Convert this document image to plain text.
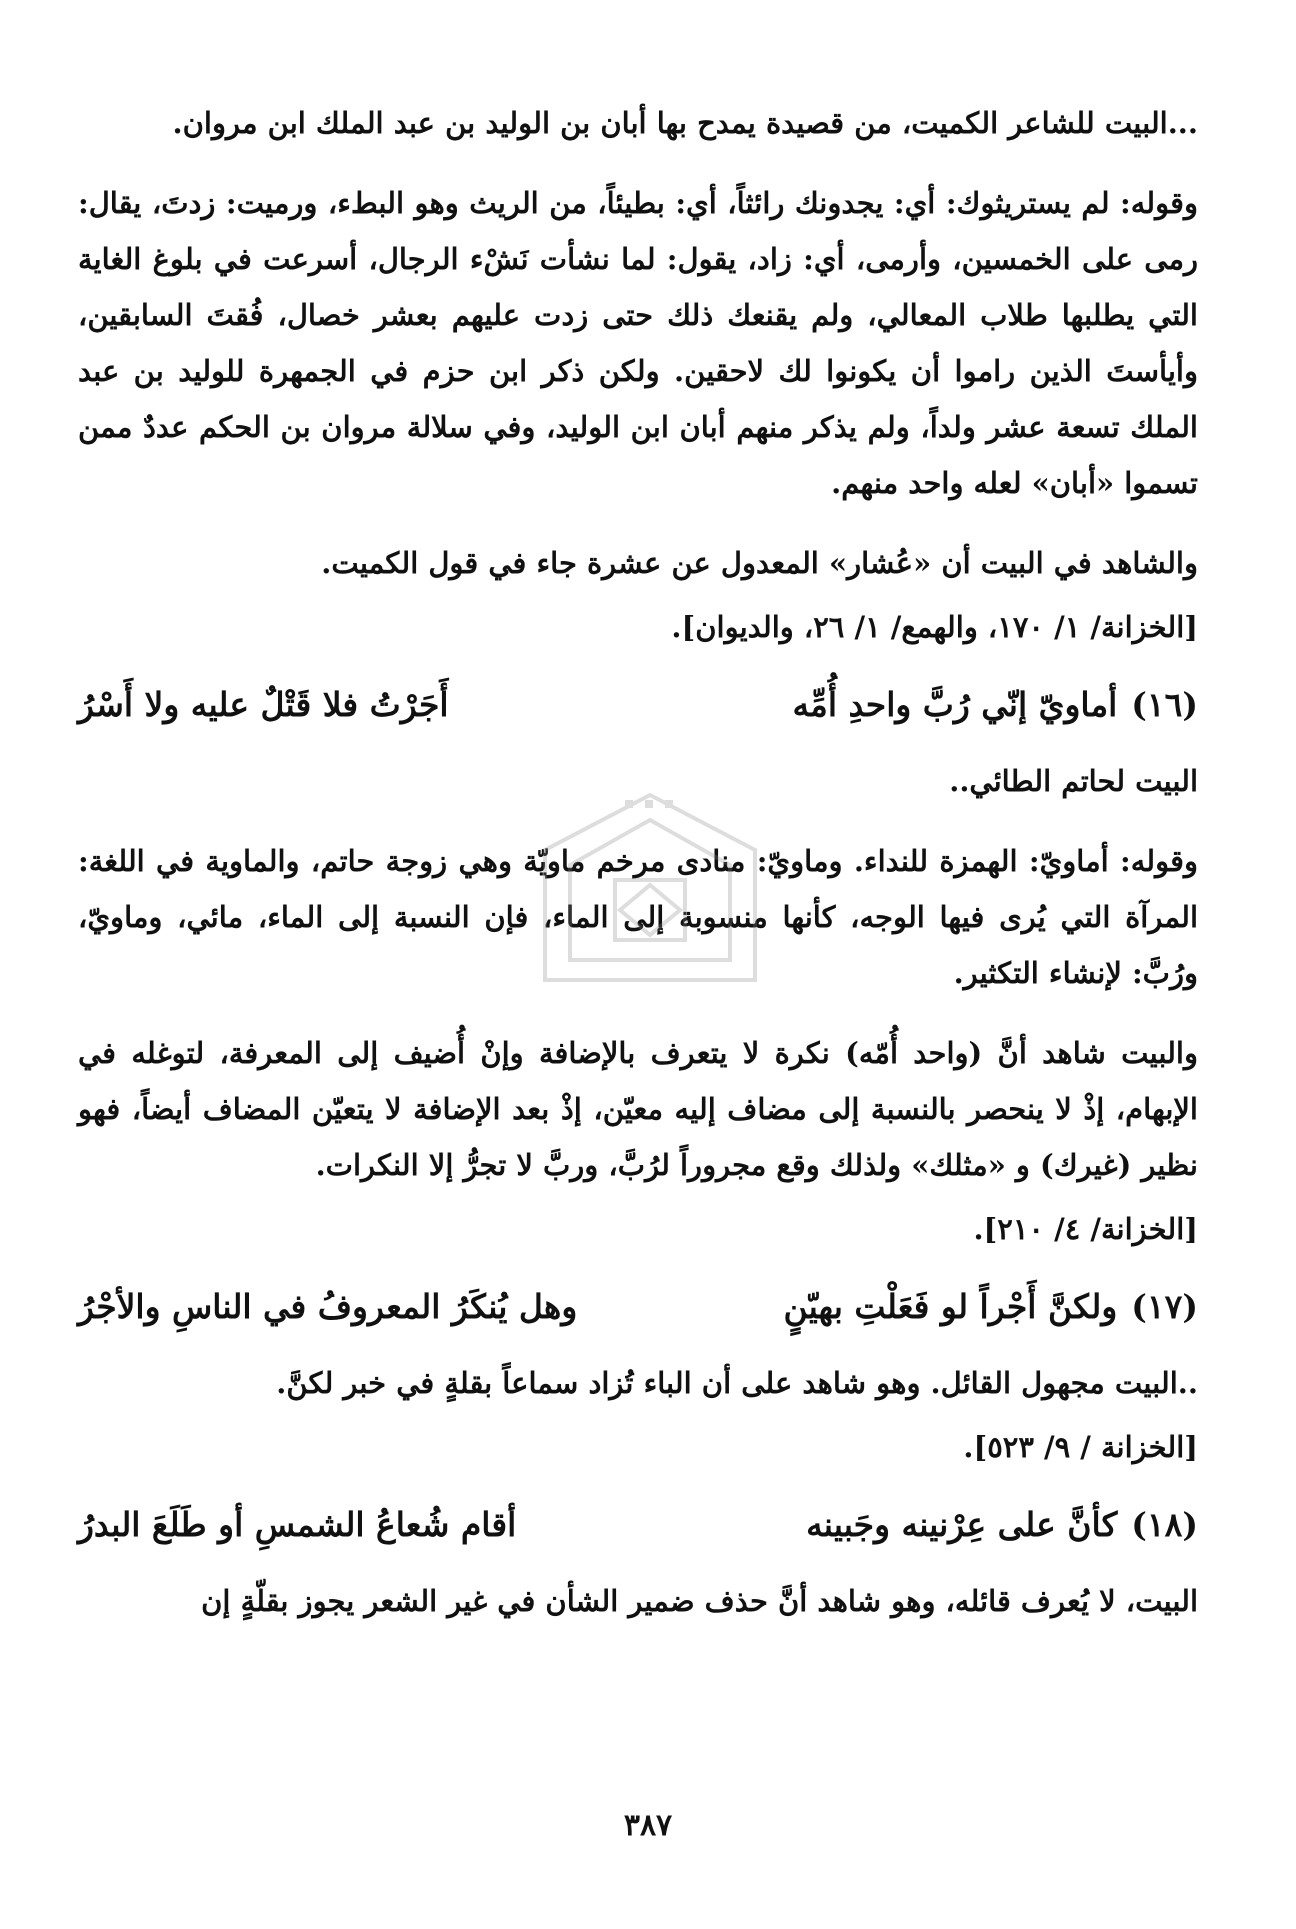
...البيت للشاعر الكميت، من قصيدة يمدح بها أبان بن الوليد بن عبد الملك ابن مروان.

وقوله: لم يستريثوك: أي: يجدونك رائثاً، أي: بطيئاً، من الريث وهو البطء، ورميت: زدتَ، يقال: رمى على الخمسين، وأرمى، أي: زاد، يقول: لما نشأت نَشْء الرجال، أسرعت في بلوغ الغاية التي يطلبها طلاب المعالي، ولم يقنعك ذلك حتى زدت عليهم بعشر خصال، فُقتَ السابقين، وأيأستَ الذين راموا أن يكونوا لك لاحقين. ولكن ذكر ابن حزم في الجمهرة للوليد بن عبد الملك تسعة عشر ولداً، ولم يذكر منهم أبان ابن الوليد، وفي سلالة مروان بن الحكم عددٌ ممن تسموا «أبان» لعله واحد منهم.

والشاهد في البيت أن «عُشار» المعدول عن عشرة جاء في قول الكميت.

[الخزانة/ ١/ ١٧٠، والهمع/ ١/ ٢٦، والديوان].

(١٦)
أماويّ إنّي رُبَّ واحدِ أُمِّه
أَجَرْتُ فلا قَتْلٌ عليه ولا أَسْرُ

البيت لحاتم الطائي..

وقوله: أماويّ: الهمزة للنداء. وماويّ: منادى مرخم ماويّة وهي زوجة حاتم، والماوية في اللغة: المرآة التي يُرى فيها الوجه، كأنها منسوبة إلى الماء، فإن النسبة إلى الماء، مائي، وماويّ، ورُبَّ: لإنشاء التكثير.

والبيت شاهد أنَّ (واحد أُمّه) نكرة لا يتعرف بالإضافة وإنْ أُضيف إلى المعرفة، لتوغله في الإبهام، إذْ لا ينحصر بالنسبة إلى مضاف إليه معيّن، إذْ بعد الإضافة لا يتعيّن المضاف أيضاً، فهو نظير (غيرك) و «مثلك» ولذلك وقع مجروراً لرُبَّ، وربَّ لا تجرُّ إلا النكرات.

[الخزانة/ ٤/ ٢١٠].

(١٧)
ولكنَّ أَجْراً لو فَعَلْتِ بهيّنٍ
وهل يُنكَرُ المعروفُ في الناسِ والأجْرُ

..البيت مجهول القائل. وهو شاهد على أن الباء تُزاد سماعاً بقلةٍ في خبر لكنَّ.

[الخزانة / ٩/ ٥٢٣].

(١٨)
كأنَّ على عِرْنينه وجَبينه
أقام شُعاعُ الشمسِ أو طَلَعَ البدرُ

البيت، لا يُعرف قائله، وهو شاهد أنَّ حذف ضمير الشأن في غير الشعر يجوز بقلّةٍ إن

٣٨٧
